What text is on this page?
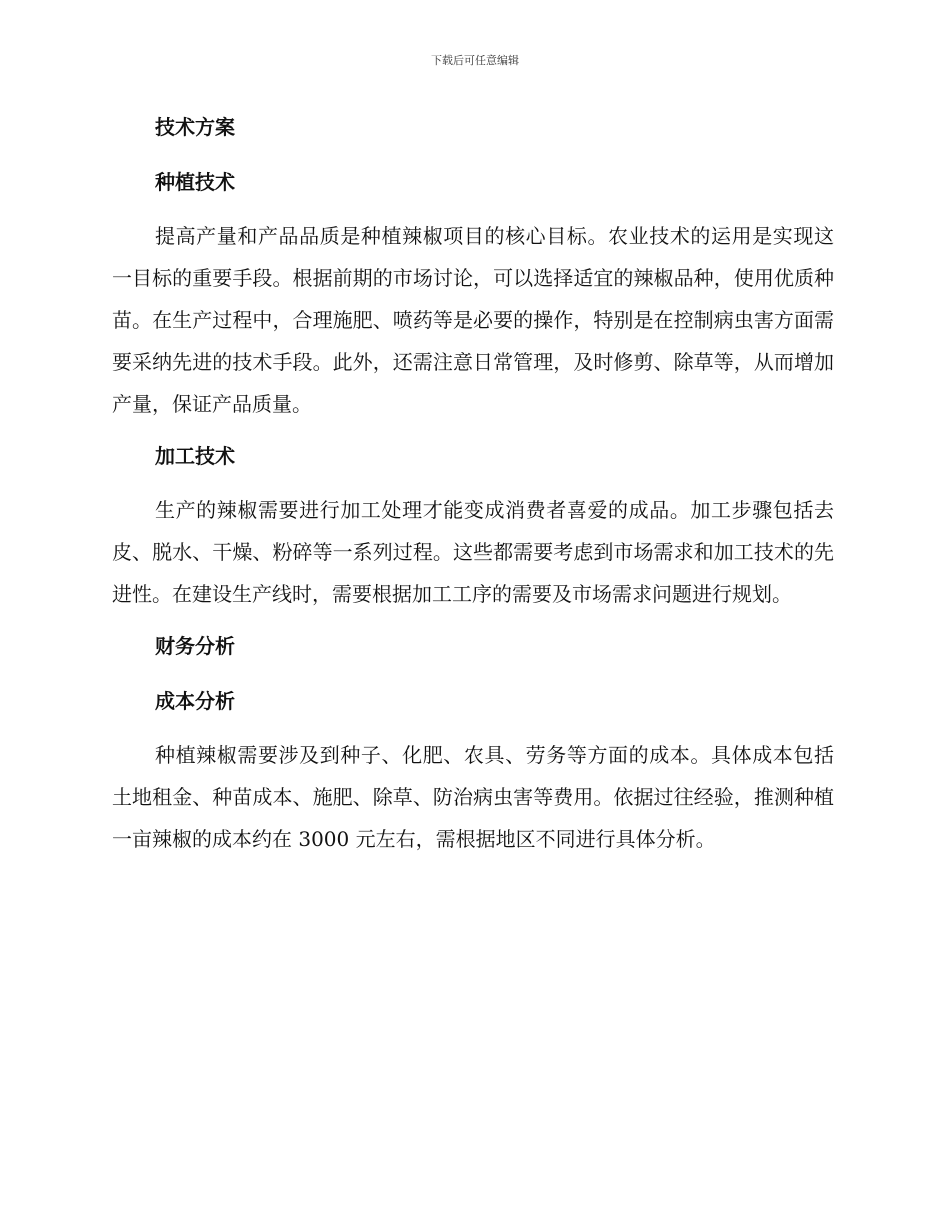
下载后可任意编辑
技术方案
种植技术

提高产量和产品品质是种植辣椒项目的核心目标。农业技术的运用是实现这一目标的重要手段。根据前期的市场讨论，可以选择适宜的辣椒品种，使用优质种苗。在生产过程中，合理施肥、喷药等是必要的操作，特别是在控制病虫害方面需要采纳先进的技术手段。此外，还需注意日常管理，及时修剪、除草等，从而增加产量，保证产品质量。

加工技术

生产的辣椒需要进行加工处理才能变成消费者喜爱的成品。加工步骤包括去皮、脱水、干燥、粉碎等一系列过程。这些都需要考虑到市场需求和加工技术的先进性。在建设生产线时，需要根据加工工序的需要及市场需求问题进行规划。

财务分析
成本分析

种植辣椒需要涉及到种子、化肥、农具、劳务等方面的成本。具体成本包括土地租金、种苗成本、施肥、除草、防治病虫害等费用。依据过往经验，推测种植一亩辣椒的成本约在 3000 元左右，需根据地区不同进行具体分析。
